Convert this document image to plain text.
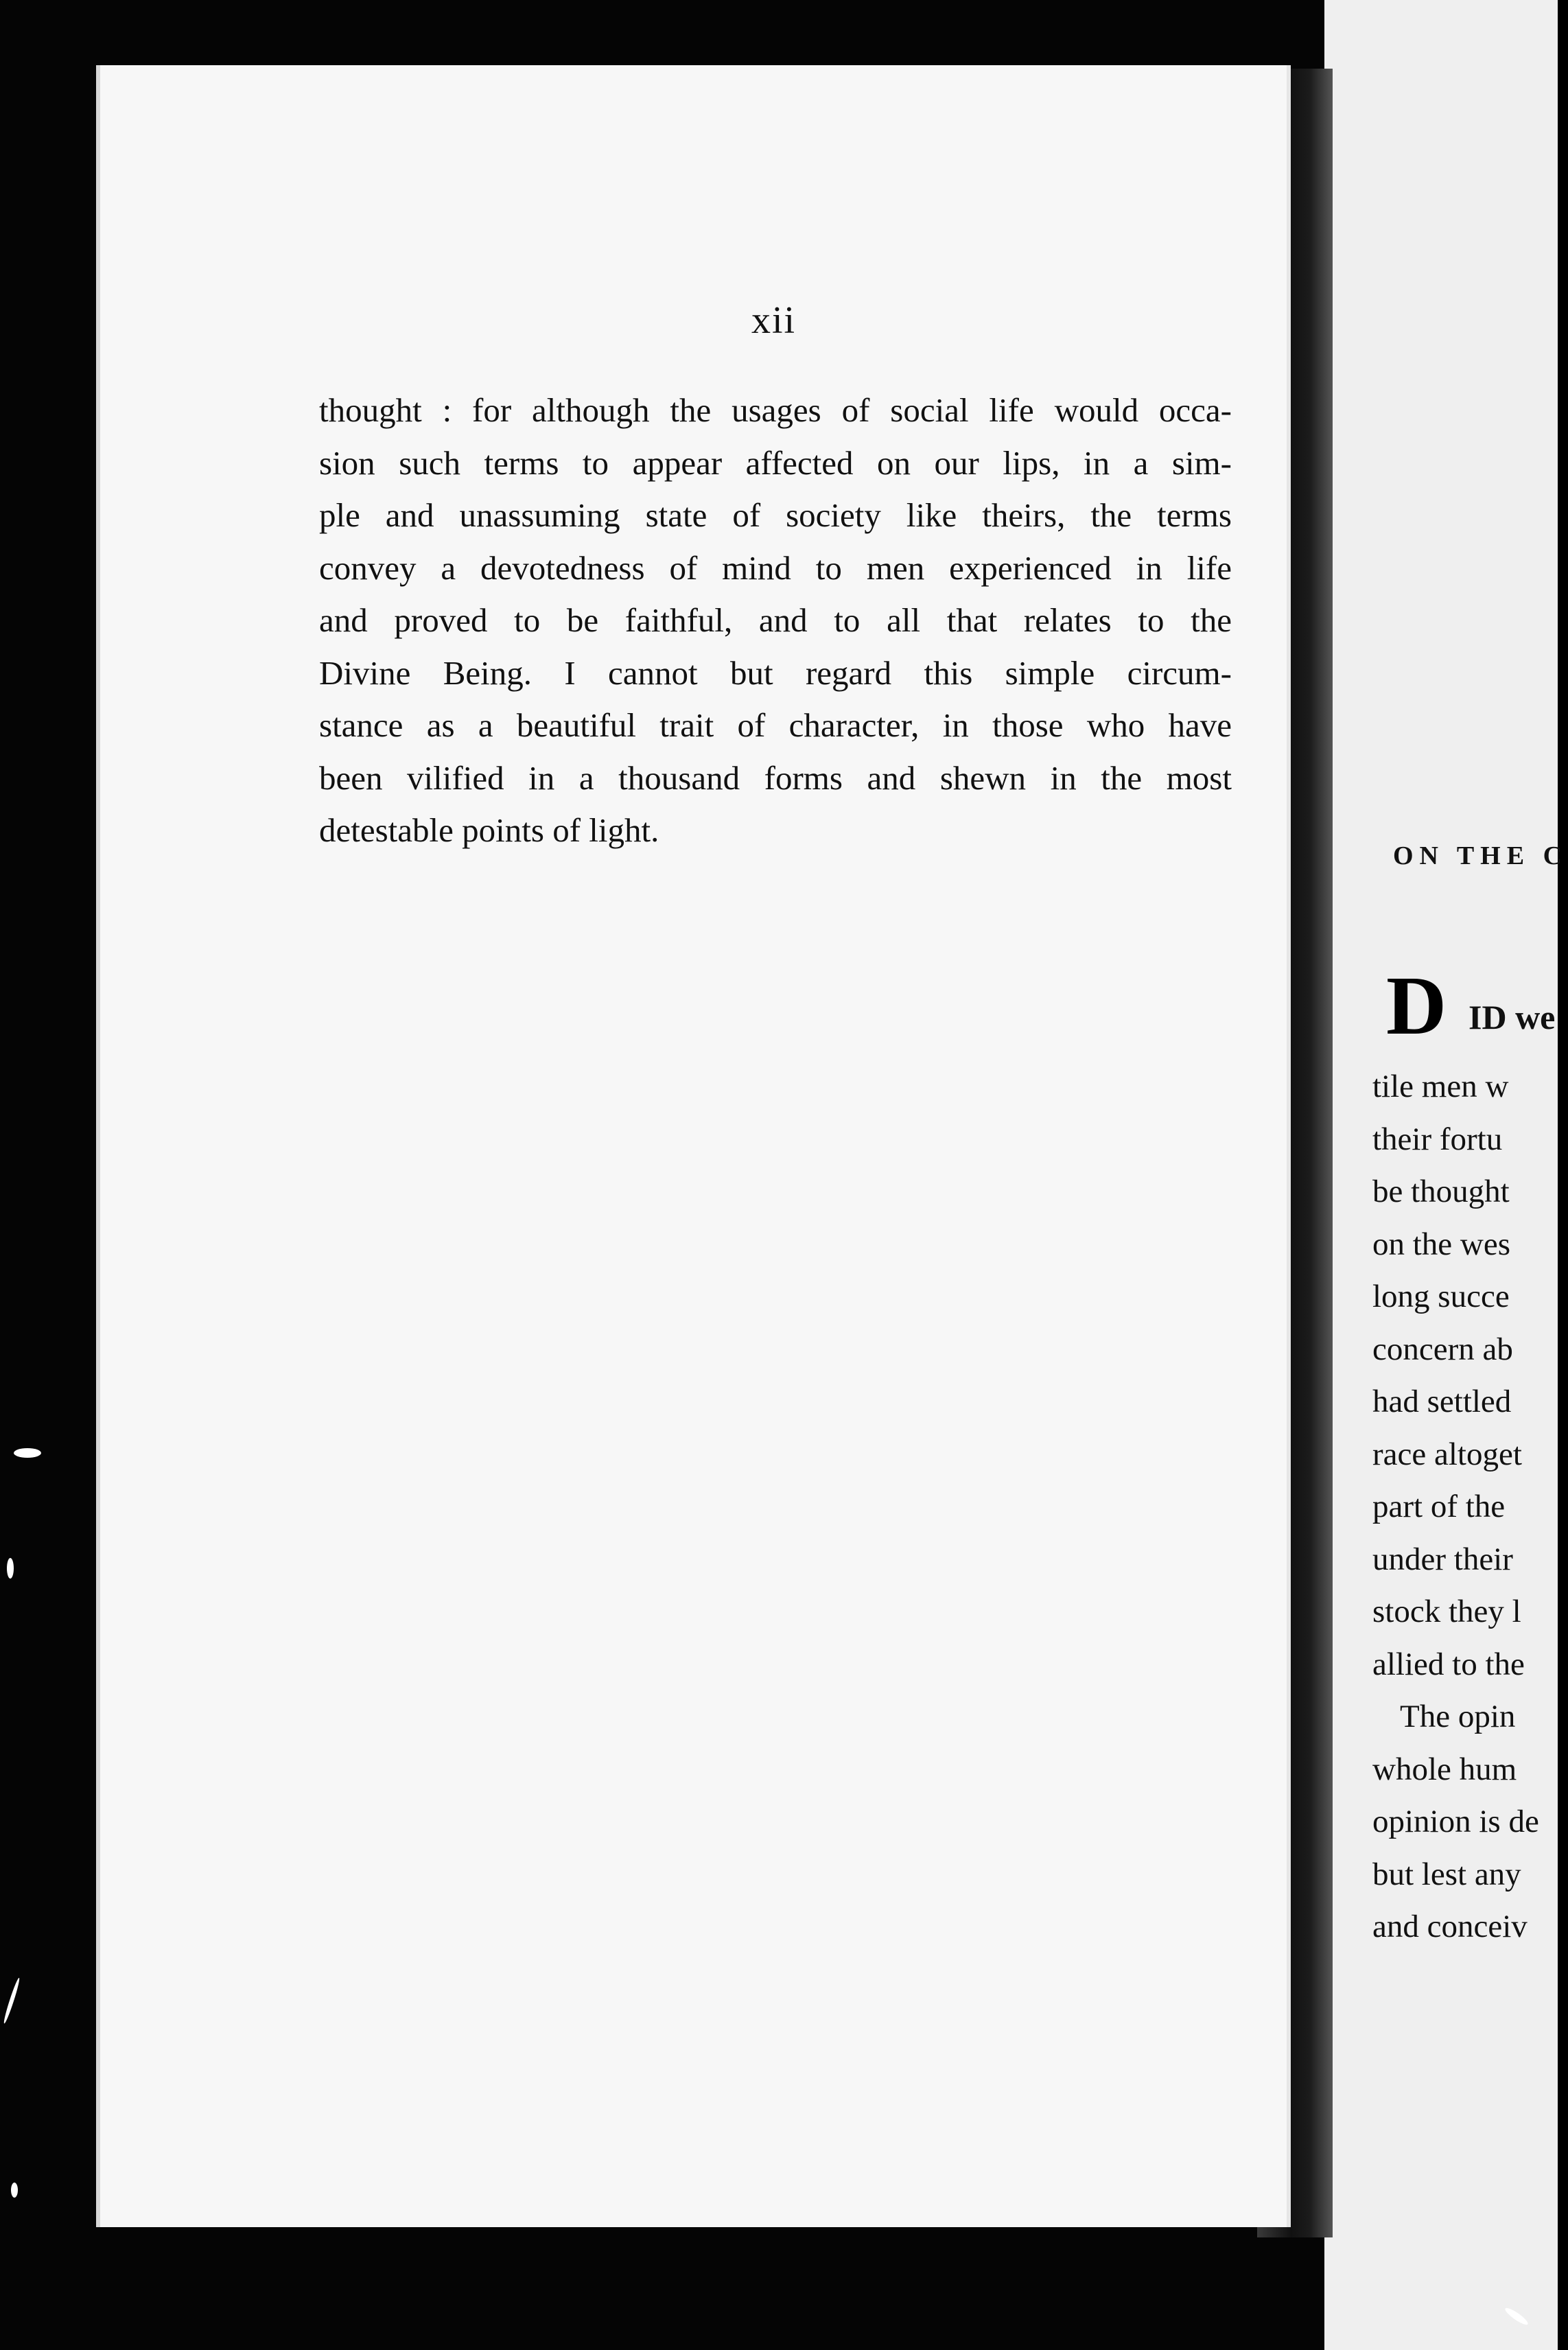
xii

thought : for although the usages of social life would occa-
sion such terms to appear affected on our lips, in a sim-
ple and unassuming state of society like theirs, the terms
convey a devotedness of mind to men experienced in life
and proved to be faithful, and to all that relates to the
Divine Being. I cannot but regard this simple circum-
stance as a beautiful trait of character, in those who have
been vilified in a thousand forms and shewn in the most
detestable points of light.

ON THE C
D ID we

tile men w
their fortu
be thought
on the wes
long succe
concern ab
had settled
race altoget
part of the
under their
stock they l
allied to the
The opin
whole hum
opinion is de
but lest any
and conceiv
